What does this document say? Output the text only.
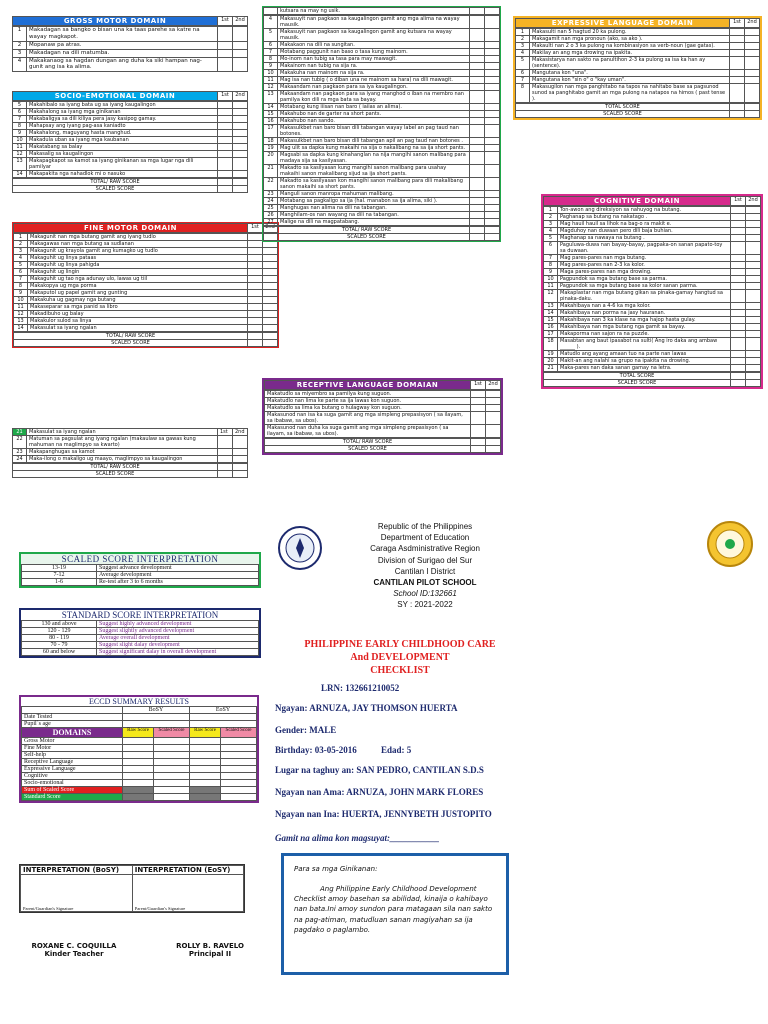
GROSS MOTOR DOMAIN	1st	2nd
1	Makadagan sa bangko o bisan una ka taas parehe sa katre na wayay magkapot.		
2	Mopanaw pa atras.		
3	Makadagan na dili matumba.		
4	Makakanaog sa hagdan dungan ang duha ka siki hampan nag-gunit ang isa ka alima.		
SOCIO-EMOTIONAL DOMAIN	1st	2nd
5	Makahibalo sa iyang bata ug sa iyang kaugalingon		
6	Makahalong sa iyang mga ginikanan		
7	Makabaligya sa dili kiliya pera jasy kasipog gamay.		
8	Mahapsay ang iyang pag-asa kaniadto		
9	Makahalong, maguyang hasta manghud.		
10	Makadula uban sa iyang mga kaubanan		
11	Makatabang sa balay		
12	Makasalig sa kaugalingon		
13	Makapagkapot sa kamot sa iyang ginikanan sa mga lugar nga dili pamilyar		
14	Makapakita nga nahadlok mi o nasuko		
TOTAL/ RAW SCORE		
SCALED SCORE		
FINE MOTOR DOMAIN	1st	2nd
1	Makagunit nan mga butang gamit ang iyang tudlo		
2	Makagawas nan mga butang sa sudlanan		
3	Makagunit ug krayola gamit ang kumagko ug tudlo		
4	Makaguhit ug linya pataas		
5	Makaguhit ug linya pahigda		
6	Makaguhit ug lingin		
7	Makaguhit ug tao nga adunay ulo, lawas ug tiil		
8	Makakopya ug mga porma		
9	Makaputol ug papel gamit ang gunting		
10	Makakuha ug gagmay nga butang		
11	Makaseparar sa mga panid sa libro		
12	Makadibuho ug balay		
13	Makakulor sulod sa linya		
14	Makasulat sa iyang ngalan		
TOTAL/ RAW SCORE		
SCALED SCORE		
21	Makasulat sa iyang ngalan	1st	2nd
22	Matuman sa pagsulat ang iyang ngalan (makaulaw sa gawas kung mahuman na maglimpyo sa kwarto)		
23	Makapanghugas sa kamot		
24	Maka-ilong o makaligo ug maayo, maglimpyo sa kaugalingon		
TOTAL/ RAW SCORE		
SCALED SCORE		
	kutsara na may ng usik.		
4	Makasuyit nan pagkaon sa kaugalingon gamit ang mga alima na wayay mausik.		
5	Makasuyit nan pagkaon sa kaugalingon gamit ang kutsara na wayay mausik.		
6	Makakaon na dili na sungitan.		
7	Motabang paggunit nan baso o tasa kung mainom.		
8	Mo-inom nan tubig sa tasa para may mawagit.		
9	Makainom nan tubig na sija ra.		
10	Makakuha nan mainom na sija ra.		
11	Mag isa nan tubig ( o diban una ne mainom sa hara) na dili mawagit.		
12	Makaandam nan pagkaon para sa iya kaugalingon.		
13	Makaandam nan pagkaon para sa iyang manghod o iban na membro nan pamilya kon dili ra mga bata sa bayay.		
14	Motabang kung iiisan nan baro ( iaiias an alima).		
15	Makahubo nan de garter na short pants.		
16	Makahubo nan sando.		
17	Makasulkbet nan baro bisan dili tabangan wayay label an pag taud nan botones.		
18	Makasulkbet nan baro bisan dili tabangan apil an pag taud nan botones .		
19	Mag ulit sa dapka kung makaihi na sija o nakalibang na sa ija short pants.		
20	Magsabi sa dapka kung kinahanglan na nija mangihi sanon malibang para madaya sija sa kasilyasan.		
21	Makadto sa kasilyasan kung mangihi sanon malibang para usahay makaihi sanon makalibang sijud sa ija short pants.		
22	Makadto sa kasilyasan kon mangihi sanon malibang para dili makalibang sanon makaihi sa short pants.		
23	Manguli sanon manropa mahuman malibang.		
24	Motabang sa pagkaligo sa ija (hal. manabon sa ija alima, siki ).		
25	Manghugas nan alima na dili na tabangan.		
26	Manghilam-os nan wayang na dili na tabangan.		
27	Malige na dili na magpatabang.		
TOTAL/ RAW SCORE		
SCALED SCORE		
RECEPTIVE LANGUAGE DOMAIAN	1st	2nd
Makatudlo sa miyembro sa pamilya kung suguon.		
Makatudlo nan lima ke parte sa ija lawas kon suguon.		
Makatudlo sa lima ka butang o hulagway kon suguon.		
Makasunod nan isa ka suga gamit ang mga simpleng prepasisyon ( sa ilayam, sa ibabaw, sa ubos).		
Makasunod nan duha ka suga gamit ang mga simpleng prepasisyon ( sa ilayam, sa ibabaw, sa ubos).		
TOTAL/ RAW SCORE		
SCALED SCORE		
EXPRESSIVE LANGUAGE DOMAIN	1st	2nd
1	Makasulti nan 5 hagtud 20 ka pulong.		
2	Makagamit nan mga pronoun (ako, sa ako ).		
3	Makaulti nan 2 o 3 ka pulong na kombinasiyon sa verb-noun (gae gatas).		
4	Makilay an ang mga drowing na ipakita.		
5	Makasistarya nan sakto na panultihon 2-3 ka pulong sa isa ka han ay (sentence).		
6	Mangutana kon "una".		
7	Mangutana kon "sin o" o "kay uman".		
8	Makasugilon nan mga panghitabo na tapos na nahitabo base sa pagsunod sunod sa panghitabo gamit an mga pulong na natapos na himos ( past tense ).		
TOTAL SCORE		
SCALED SCORE		
COGNITIVE DOMAIN	1st	2nd
1	Ton-awon ang direksiyon sa nahuyog na butang.		
2	Paghanap sa butang na nakatago .		
3	Mag hauil hauil sa lihok na bag-o ra makit e.		
4	Magduhoy nan duwaan pero dili baja buhian.		
5	Maghanap sa nawaya na butang .		
6	Paguluwa-duwa nan bayay-bayay, pagpaka-on sanan papato-toy sa duwaan.		
7	Mag pares-pares nan mga butang.		
8	Mag pares-pares nan 2-3 ka kolor.		
9	Maga pares-pares nan mga drowing.		
10	Pagpundok sa mga butang base sa parma.		
11	Pagpundok sa mga butang base sa kolor sanan parma.		
12	Makaplastar nan mga butang gikan sa pinaka-gamay hangtud sa pinaka-daku.		
13	Makahibaya nan a 4-6 ka mga kolor.		
14	Makahibaya nan porma na jasy hauranan.		
15	Makahibaya nan 3 ka klase na mga hajop hasta gulay.		
16	Makahibaya nan mga butang nga gamit sa bayay.		
17	Makaporma nan sajon ra na puzzle.		
18	Masabtan ang baut ipasabot na sulti( Ang iro daka ang ambaw ______ ).		
19	Matudlo ang ayang amaan tuo na parte nan lawas		
20	Makit-an ang nalahi sa grupo na ipakita na drowing.		
21	Maka-pares nan daka sanan gamay na letra.		
TOTAL SCORE		
SCALED SCORE		
SCALED SCORE INTERPRETATION
13-19	Suggest advance development
7-12	Average development
1-6	Re-test after 3 to 6 months
STANDARD SCORE INTERPRETATION
130 and above	Suggest highly advanced development
120 - 129	Suggest slightly advanced development
80 - 119	Average overall development
70 - 79	Suggest slight dalay development
60 and below	Suggest significant dalay in overall development
ECCD SUMMARY RESULTS
	BoSY		EoSY	
Date Tested				
Pupil`s age				
DOMAINS	Raw Score	Scaled Score	Raw Score	Scaled Score
Gross Motor				
Fine Motor				
Self-help				
Receptive Language				
Expressive Language				
Cognitive				
Socio-emotional				
Sum of Scaled Score				
Standard Score				
INTERPRETATION (BoSY)	INTERPRETATION (EoSY)
Parent/Guardian's Signature	Parent/Guardian's Signature
ROXANE C. COQUILLA
Kinder Teacher
ROLLY B. RAVELO
Principal II
Republic of the Philippines
Department of Education
Caraga Asdministrative Region
Division of Surigao del Sur
Cantilan I District
CANTILAN PILOT SCHOOL
School ID:132661
SY : 2021-2022
PHILIPPINE EARLY CHILDHOOD CARE
And DEVELOPMENT
CHECKLIST
LRN: 132661210052
Ngayan: ARNUZA, JAY THOMSON HUERTA
Gender: MALE
Birthday: 03-05-2016	Edad: 5
Lugar na taghuy an: SAN PEDRO, CANTILAN S.D.S
Ngayan nan Ama: ARNUZA, JOHN MARK FLORES
Ngayan nan Ina: HUERTA, JENNYBETH JUSTOPITO
Gamit na alima kon magsuyat:___________
Para sa mga Ginikanan:
Ang Philippine Early Childhood Development Checklist amoy basehan sa abilidad, kinaija o kahibayo nan bata.Ini amoy sundon para matagaan sila nan sakto na pag-atiman, matudluan sanan magiyahan sa ija pagdako o paglambo.
